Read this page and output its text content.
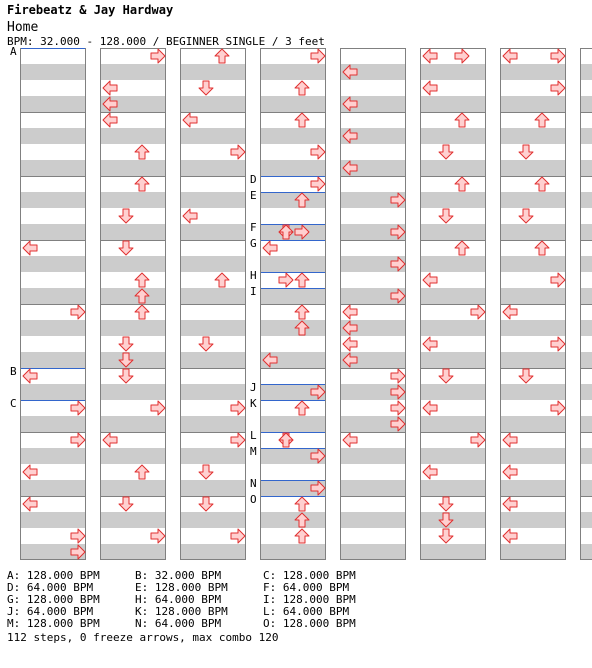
Firebeatz & Jay Hardway
Home
BPM: 32.000 - 128.000 / BEGINNER SINGLE / 3 feet
A
B
C
D
E
F
G
H
I
J
K
L
M
N
O
A: 128.000 BPM	B: 32.000 BPM	C: 128.000 BPM
D: 64.000 BPM	E: 128.000 BPM	F: 64.000 BPM
G: 128.000 BPM	H: 64.000 BPM	I: 128.000 BPM
J: 64.000 BPM	K: 128.000 BPM	L: 64.000 BPM
M: 128.000 BPM	N: 64.000 BPM	O: 128.000 BPM
112 steps, 0 freeze arrows, max combo 120
